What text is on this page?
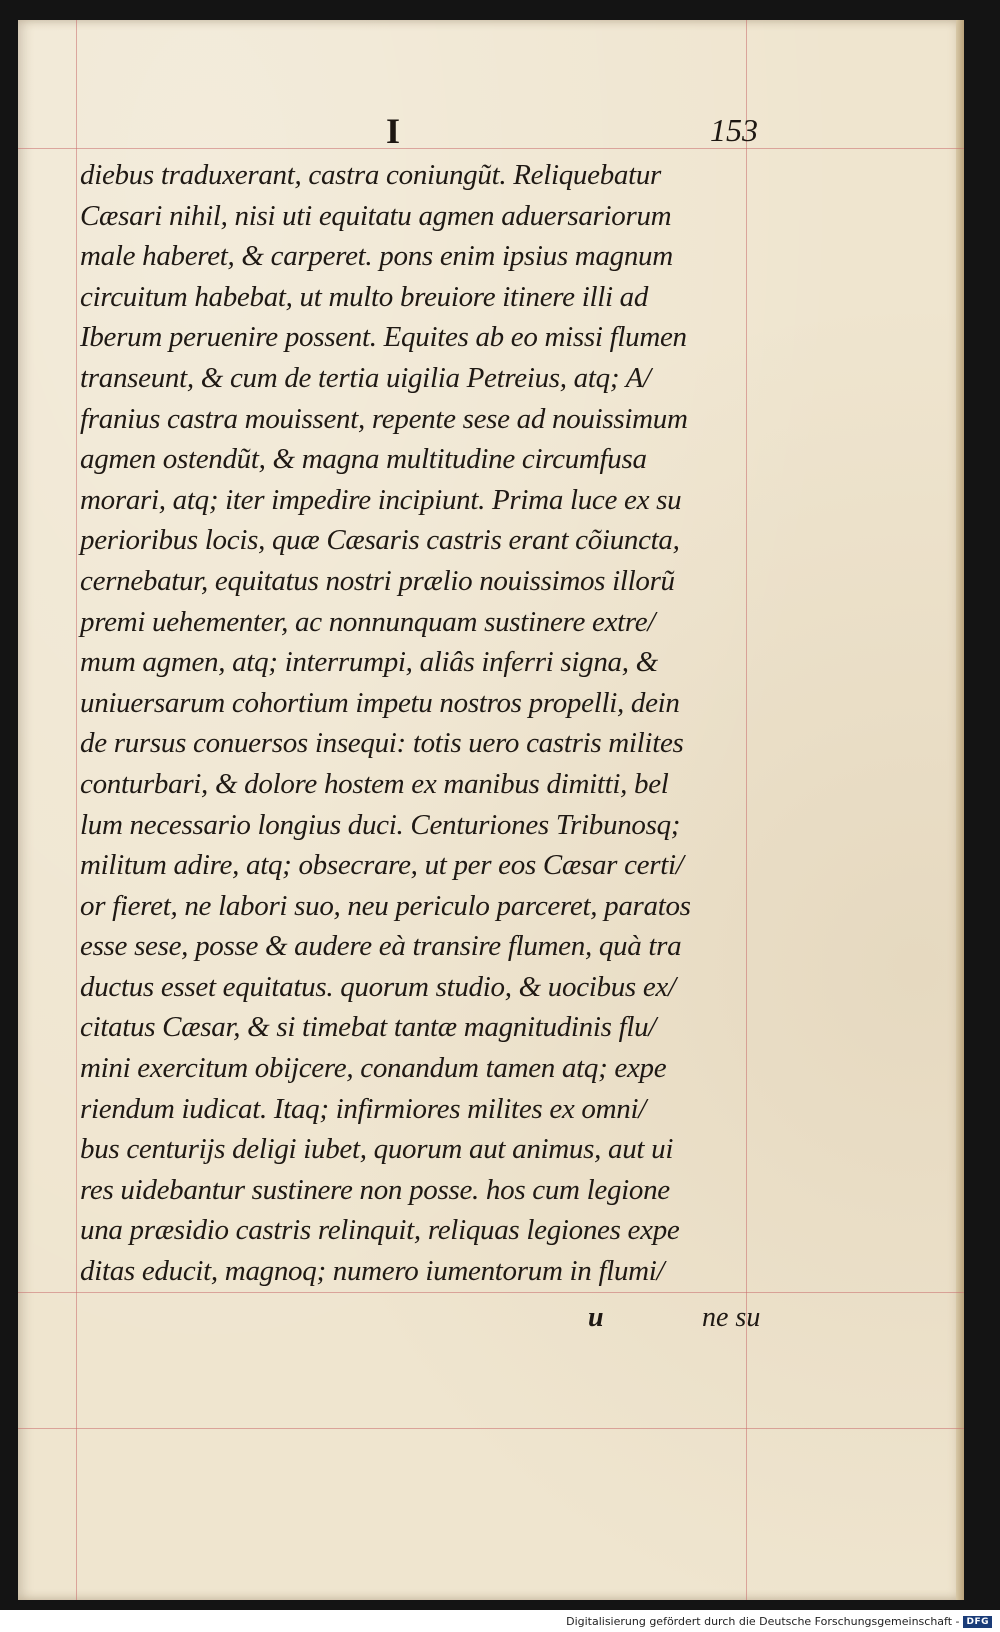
I	153
diebus traduxerant, castra coniungũt. Reliquebatur
Cæsari nihil, nisi uti equitatu agmen aduersariorum
male haberet, & carperet. pons enim ipsius magnum
circuitum habebat, ut multo breuiore itinere illi ad
Iberum peruenire possent. Equites ab eo missi flumen
transeunt, & cum de tertia uigilia Petreius, atq; A/
franius castra mouissent, repente sese ad nouissimum
agmen ostendũt, & magna multitudine circumfusa
morari, atq; iter impedire incipiunt. Prima luce ex su
perioribus locis, quæ Cæsaris castris erant cõiuncta,
cernebatur, equitatus nostri prælio nouissimos illorũ
premi uehementer, ac nonnunquam sustinere extre/
mum agmen, atq; interrumpi, aliâs inferri signa, &
uniuersarum cohortium impetu nostros propelli, dein
de rursus conuersos insequi: totis uero castris milites
conturbari, & dolore hostem ex manibus dimitti, bel
lum necessario longius duci. Centuriones Tribunosq;
militum adire, atq; obsecrare, ut per eos Cæsar certi/
or fieret, ne labori suo, neu periculo parceret, paratos
esse sese, posse & audere eà transire flumen, quà tra
ductus esset equitatus. quorum studio, & uocibus ex/
citatus Cæsar, & si timebat tantæ magnitudinis flu/
mini exercitum obijcere, conandum tamen atq; expe
riendum iudicat. Itaq; infirmiores milites ex omni/
bus centurijs deligi iubet, quorum aut animus, aut ui
res uidebantur sustinere non posse. hos cum legione
una præsidio castris relinquit, reliquas legiones expe
ditas educit, magnoq; numero iumentorum in flumi/
u	ne su
Digitalisierung gefördert durch die Deutsche Forschungsgemeinschaft - DFG
